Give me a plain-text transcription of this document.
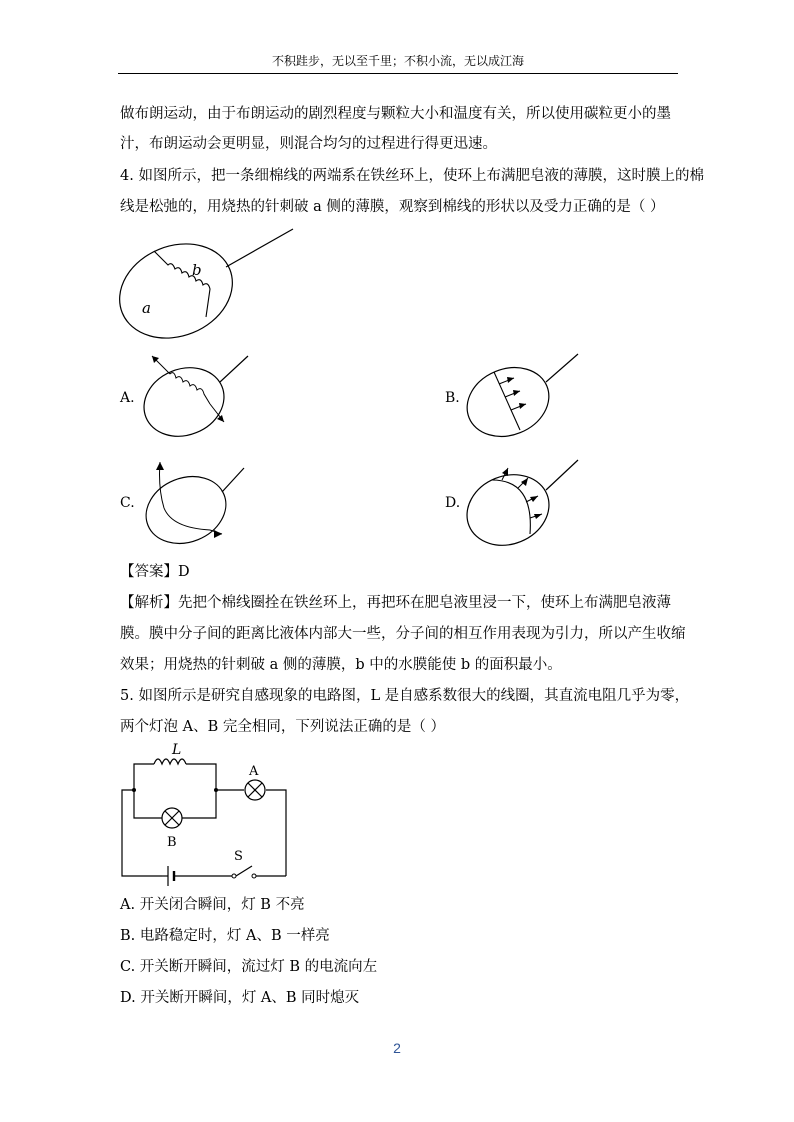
不积跬步，无以至千里；不积小流，无以成江海
做布朗运动，由于布朗运动的剧烈程度与颗粒大小和温度有关，所以使用碳粒更小的墨
汁，布朗运动会更明显，则混合均匀的过程进行得更迅速。
4. 如图所示，把一条细棉线的两端系在铁丝环上，使环上布满肥皂液的薄膜，这时膜上的棉
线是松弛的，用烧热的针刺破 a 侧的薄膜，观察到棉线的形状以及受力正确的是（ ）
b
a
A.	B.
C.	D.
【答案】D
【解析】先把个棉线圈拴在铁丝环上，再把环在肥皂液里浸一下，使环上布满肥皂液薄
膜。膜中分子间的距离比液体内部大一些，分子间的相互作用表现为引力，所以产生收缩
效果；用烧热的针刺破 a 侧的薄膜，b 中的水膜能使 b 的面积最小。
5. 如图所示是研究自感现象的电路图，L 是自感系数很大的线圈，其直流电阻几乎为零，
两个灯泡 A、B 完全相同，下列说法正确的是（ ）
L
A
B
S
A. 开关闭合瞬间，灯 B 不亮
B. 电路稳定时，灯 A、B 一样亮
C. 开关断开瞬间，流过灯 B 的电流向左
D. 开关断开瞬间，灯 A、B 同时熄灭
2
